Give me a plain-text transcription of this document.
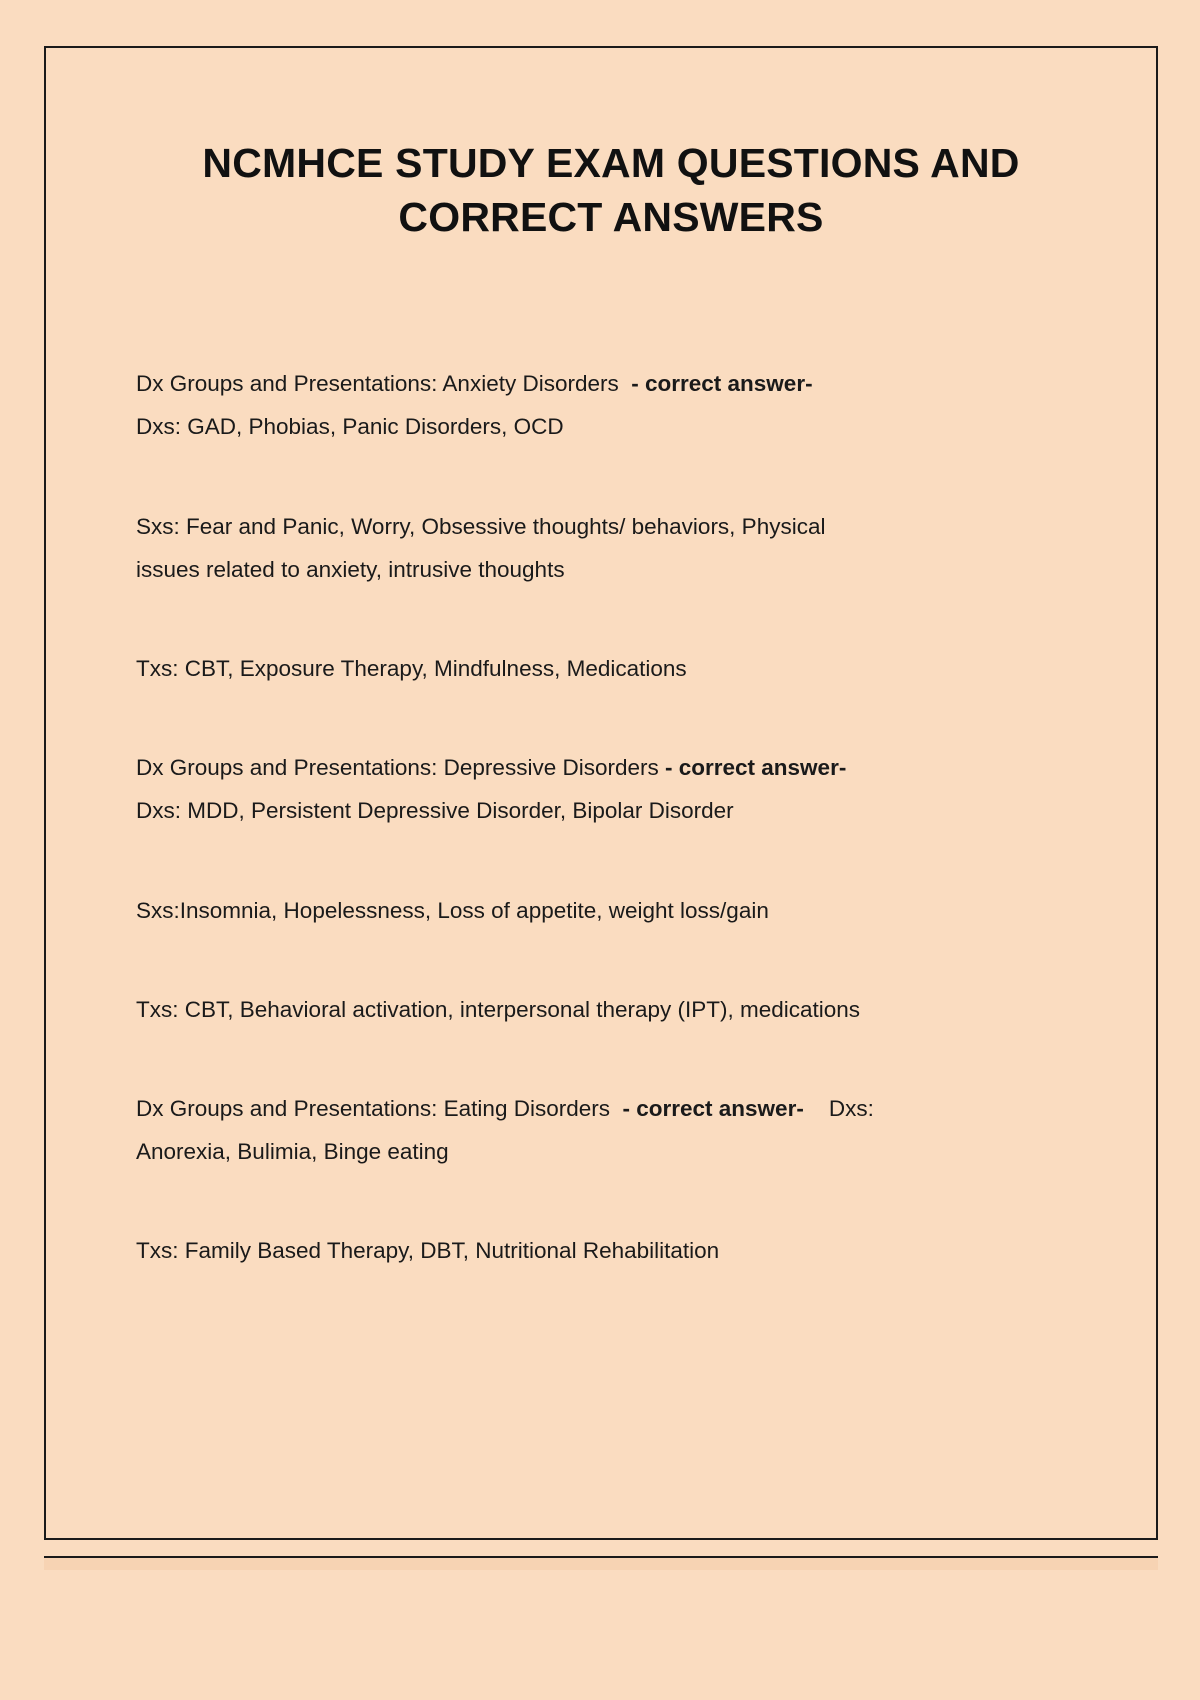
NCMHCE STUDY EXAM QUESTIONS AND CORRECT ANSWERS

Dx Groups and Presentations: Anxiety Disorders - correct answer-

Dxs: GAD, Phobias, Panic Disorders, OCD

Sxs: Fear and Panic, Worry, Obsessive thoughts/ behaviors, Physical

issues related to anxiety, intrusive thoughts

Txs: CBT, Exposure Therapy, Mindfulness, Medications

Dx Groups and Presentations: Depressive Disorders - correct answer-

Dxs: MDD, Persistent Depressive Disorder, Bipolar Disorder

Sxs:Insomnia, Hopelessness, Loss of appetite, weight loss/gain

Txs: CBT, Behavioral activation, interpersonal therapy (IPT), medications

Dx Groups and Presentations: Eating Disorders - correct answer-    Dxs:

Anorexia, Bulimia, Binge eating

Txs: Family Based Therapy, DBT, Nutritional Rehabilitation
